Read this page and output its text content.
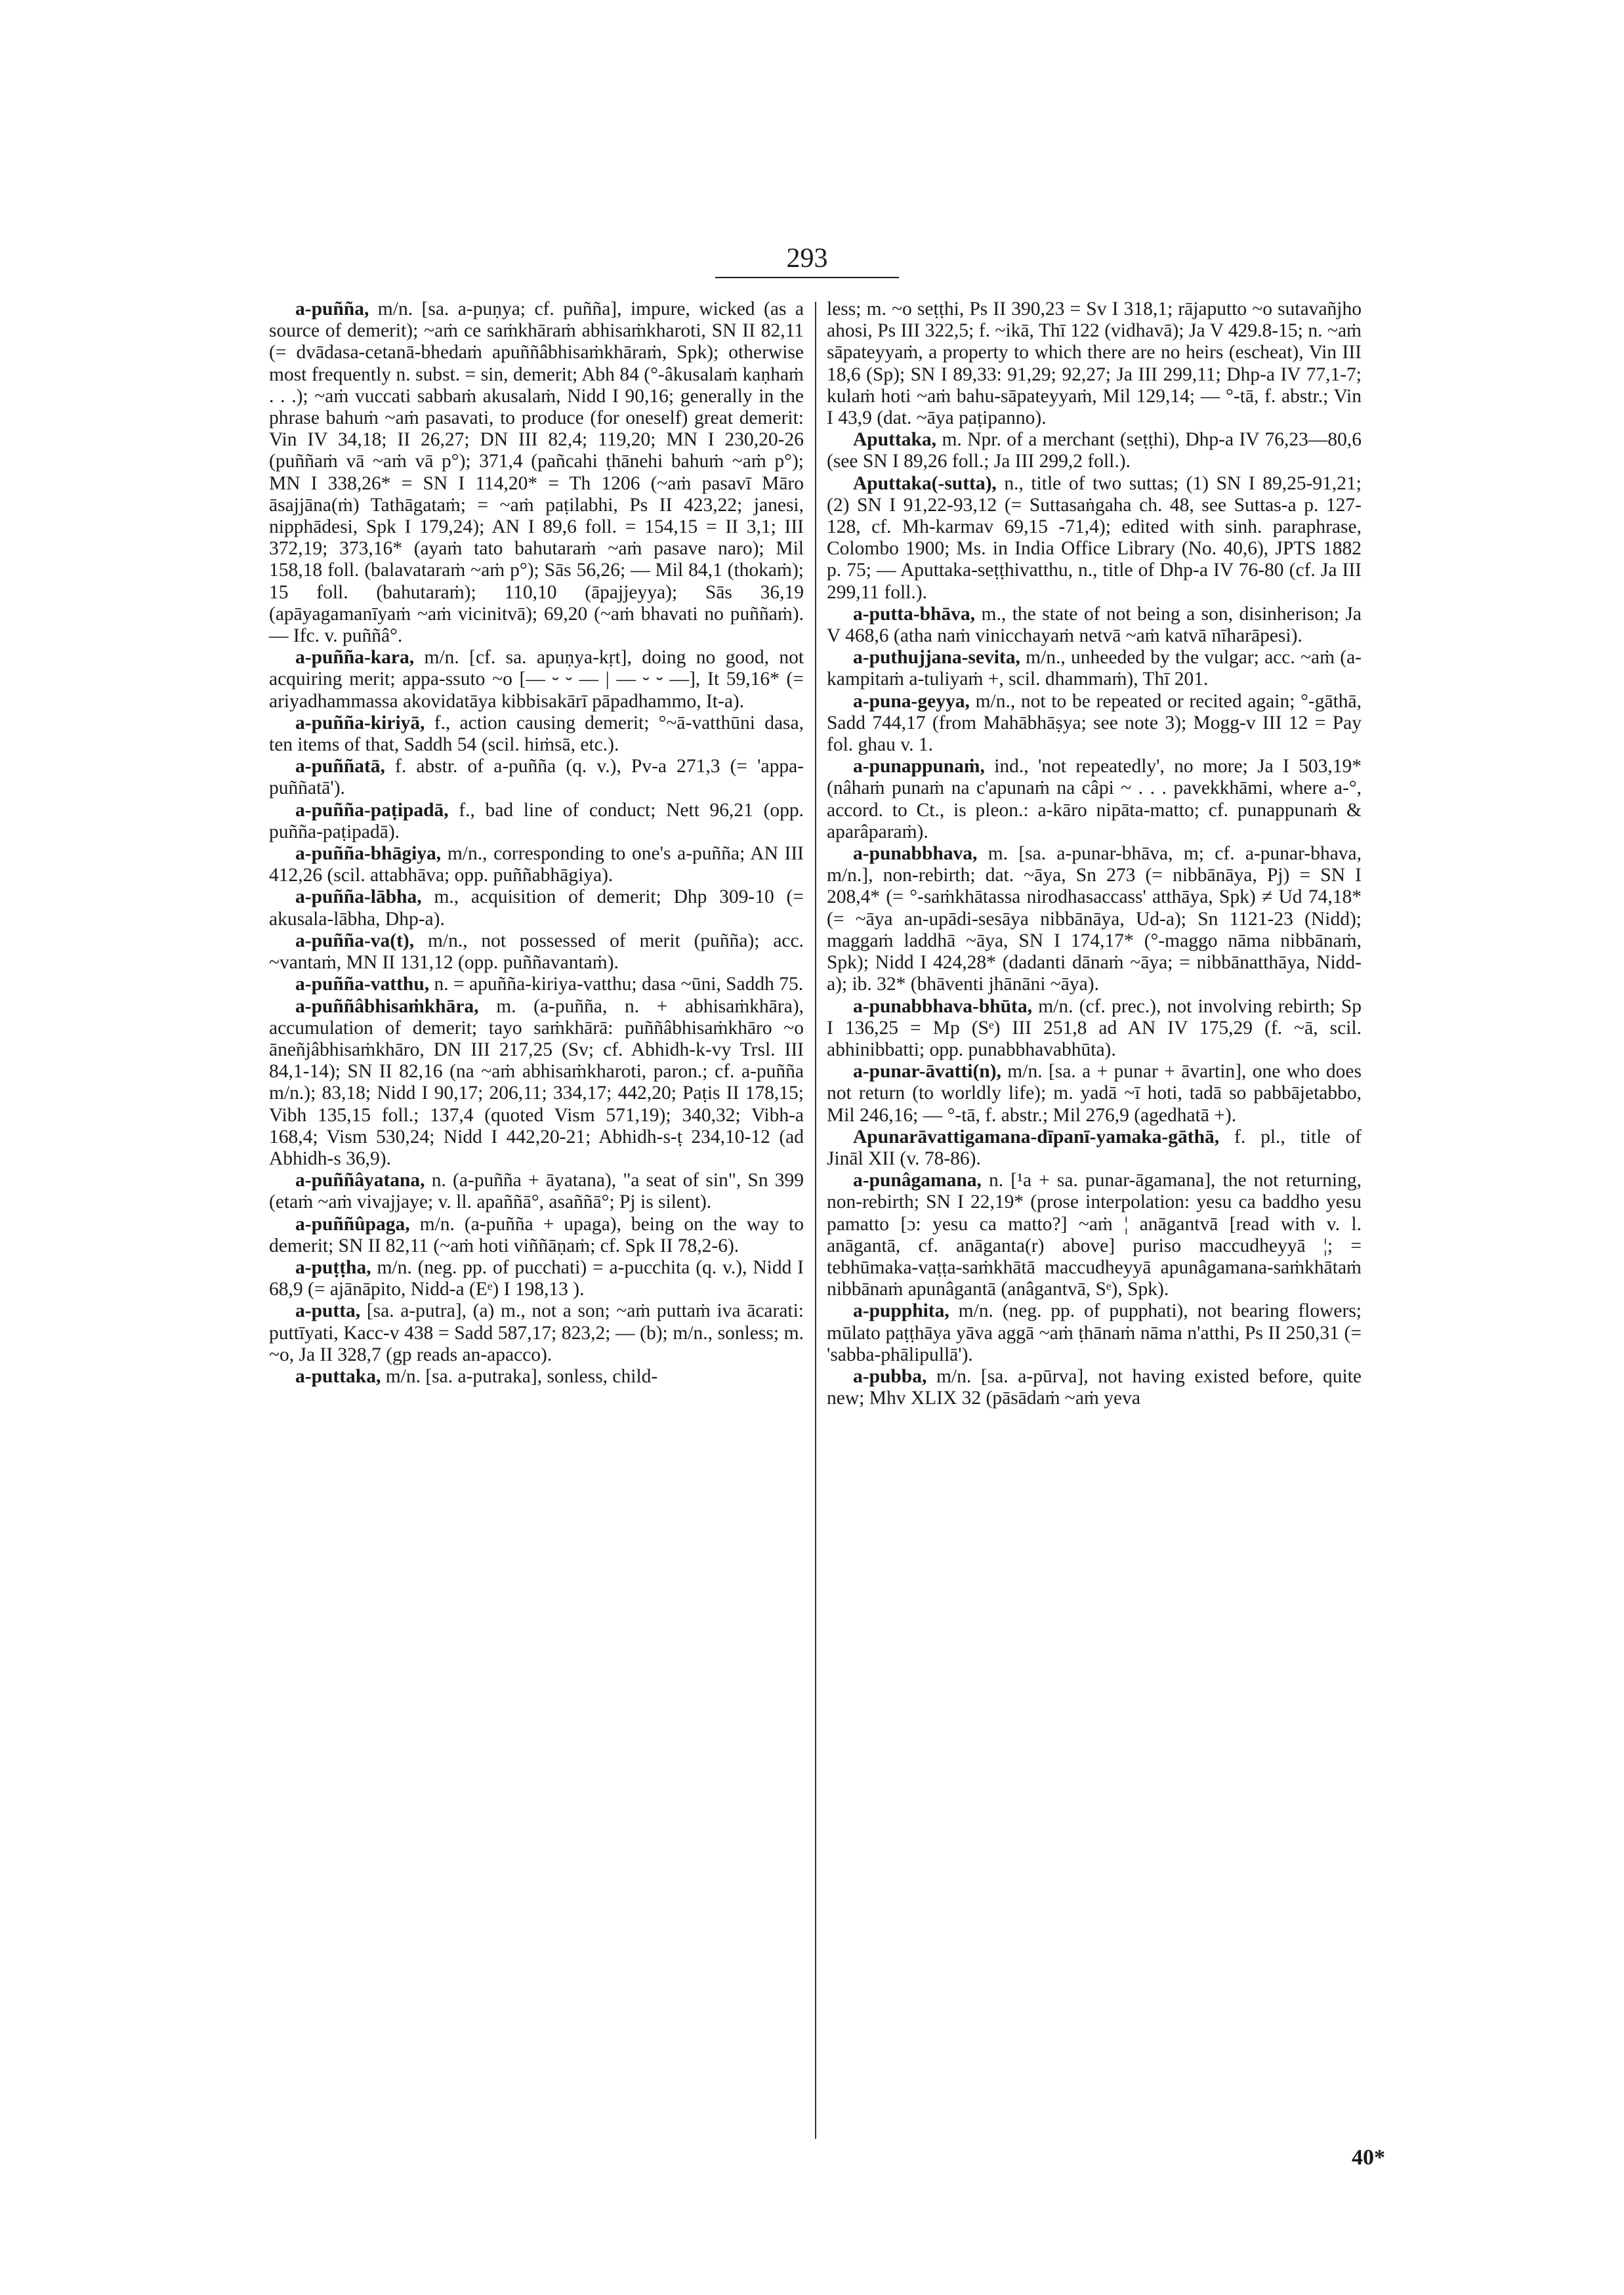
293

a-puñña, m/n. [sa. a-puṇya; cf. puñña], impure, wicked (as a source of demerit); ~aṁ ce saṁkhāraṁ abhisaṁkharoti, SN II 82,11 (= dvādasa-cetanā-bhedaṁ apuññâbhisaṁkhāraṁ, Spk); otherwise most frequently n. subst. = sin, demerit; Abh 84 (°-âkusalaṁ kaṇhaṁ . . .); ~aṁ vuccati sabbaṁ akusalaṁ, Nidd I 90,16; generally in the phrase bahuṁ ~aṁ pasavati, to produce (for oneself) great demerit: Vin IV 34,18; II 26,27; DN III 82,4; 119,20; MN I 230,20-26 (puññaṁ vā ~aṁ vā p°); 371,4 (pañcahi ṭhānehi bahuṁ ~aṁ p°); MN I 338,26* = SN I 114,20* = Th 1206 (~aṁ pasavī Māro āsajjāna(ṁ) Tathāgataṁ; = ~aṁ paṭilabhi, Ps II 423,22; janesi, nipphādesi, Spk I 179,24); AN I 89,6 foll. = 154,15 = II 3,1; III 372,19; 373,16* (ayaṁ tato bahutaraṁ ~aṁ pasave naro); Mil 158,18 foll. (balavataraṁ ~aṁ p°); Sās 56,26; — Mil 84,1 (thokaṁ); 15 foll. (bahutaraṁ); 110,10 (āpajjeyya); Sās 36,19 (apāyagamanīyaṁ ~aṁ vicinitvā); 69,20 (~aṁ bhavati no puññaṁ). — Ifc. v. puññâ°.

a-puñña-kara, m/n. [cf. sa. apuṇya-kṛt], doing no good, not acquiring merit; appa-ssuto ~o [— ⏑ ⏑ — | — ⏑ ⏑ —], It 59,16* (= ariyadhammassa akovidatāya kibbisakārī pāpadhammo, It-a).

a-puñña-kiriyā, f., action causing demerit; °~ā-vatthūni dasa, ten items of that, Saddh 54 (scil. hiṁsā, etc.).

a-puññatā, f. abstr. of a-puñña (q. v.), Pv-a 271,3 (= 'appa-puññatā').

a-puñña-paṭipadā, f., bad line of conduct; Nett 96,21 (opp. puñña-paṭipadā).

a-puñña-bhāgiya, m/n., corresponding to one's a-puñña; AN III 412,26 (scil. attabhāva; opp. puññabhāgiya).

a-puñña-lābha, m., acquisition of demerit; Dhp 309-10 (= akusala-lābha, Dhp-a).

a-puñña-va(t), m/n., not possessed of merit (puñña); acc. ~vantaṁ, MN II 131,12 (opp. puññavantaṁ).

a-puñña-vatthu, n. = apuñña-kiriya-vatthu; dasa ~ūni, Saddh 75.

a-puññâbhisaṁkhāra, m. (a-puñña, n. + abhisaṁkhāra), accumulation of demerit; tayo saṁkhārā: puññâbhisaṁkhāro ~o āneñjâbhisaṁkhāro, DN III 217,25 (Sv; cf. Abhidh-k-vy Trsl. III 84,1-14); SN II 82,16 (na ~aṁ abhisaṁkharoti, paron.; cf. a-puñña m/n.); 83,18; Nidd I 90,17; 206,11; 334,17; 442,20; Paṭis II 178,15; Vibh 135,15 foll.; 137,4 (quoted Vism 571,19); 340,32; Vibh-a 168,4; Vism 530,24; Nidd I 442,20-21; Abhidh-s-ṭ 234,10-12 (ad Abhidh-s 36,9).

a-puññâyatana, n. (a-puñña + āyatana), "a seat of sin", Sn 399 (etaṁ ~aṁ vivajjaye; v. ll. apaññā°, asaññā°; Pj is silent).

a-puññûpaga, m/n. (a-puñña + upaga), being on the way to demerit; SN II 82,11 (~aṁ hoti viññāṇaṁ; cf. Spk II 78,2-6).

a-puṭṭha, m/n. (neg. pp. of pucchati) = a-pucchita (q. v.), Nidd I 68,9 (= ajānāpito, Nidd-a (Eᵉ) I 198,13 ).

a-putta, [sa. a-putra], (a) m., not a son; ~aṁ puttaṁ iva ācarati: puttīyati, Kacc-v 438 = Sadd 587,17; 823,2; — (b); m/n., sonless; m. ~o, Ja II 328,7 (gp reads an-apacco).

a-puttaka, m/n. [sa. a-putraka], sonless, child-

less; m. ~o seṭṭhi, Ps II 390,23 = Sv I 318,1; rājaputto ~o sutavañjho ahosi, Ps III 322,5; f. ~ikā, Thī 122 (vidhavā); Ja V 429.8-15; n. ~aṁ sāpateyyaṁ, a property to which there are no heirs (escheat), Vin III 18,6 (Sp); SN I 89,33: 91,29; 92,27; Ja III 299,11; Dhp-a IV 77,1-7; kulaṁ hoti ~aṁ bahu-sāpateyyaṁ, Mil 129,14; — °-tā, f. abstr.; Vin I 43,9 (dat. ~āya paṭipanno).

Aputtaka, m. Npr. of a merchant (seṭṭhi), Dhp-a IV 76,23—80,6 (see SN I 89,26 foll.; Ja III 299,2 foll.).

Aputtaka(-sutta), n., title of two suttas; (1) SN I 89,25-91,21; (2) SN I 91,22-93,12 (= Suttasaṅgaha ch. 48, see Suttas-a p. 127-128, cf. Mh-karmav 69,15 -71,4); edited with sinh. paraphrase, Colombo 1900; Ms. in India Office Library (No. 40,6), JPTS 1882 p. 75; — Aputtaka-seṭṭhivatthu, n., title of Dhp-a IV 76-80 (cf. Ja III 299,11 foll.).

a-putta-bhāva, m., the state of not being a son, disinherison; Ja V 468,6 (atha naṁ vinicchayaṁ netvā ~aṁ katvā nīharāpesi).

a-puthujjana-sevita, m/n., unheeded by the vulgar; acc. ~aṁ (a-kampitaṁ a-tuliyaṁ +, scil. dhammaṁ), Thī 201.

a-puna-geyya, m/n., not to be repeated or recited again; °-gāthā, Sadd 744,17 (from Mahābhāṣya; see note 3); Mogg-v III 12 = Pay fol. ghau v. 1.

a-punappunaṁ, ind., 'not repeatedly', no more; Ja I 503,19* (nâhaṁ punaṁ na c'apunaṁ na câpi ~ . . . pavekkhāmi, where a-°, accord. to Ct., is pleon.: a-kāro nipāta-matto; cf. punappunaṁ & aparâparaṁ).

a-punabbhava, m. [sa. a-punar-bhāva, m; cf. a-punar-bhava, m/n.], non-rebirth; dat. ~āya, Sn 273 (= nibbānāya, Pj) = SN I 208,4* (= °-saṁkhātassa nirodhasaccass' atthāya, Spk) ≠ Ud 74,18* (= ~āya an-upādi-sesāya nibbānāya, Ud-a); Sn 1121-23 (Nidd); maggaṁ laddhā ~āya, SN I 174,17* (°-maggo nāma nibbānaṁ, Spk); Nidd I 424,28* (dadanti dānaṁ ~āya; = nibbānatthāya, Nidd-a); ib. 32* (bhāventi jhānāni ~āya).

a-punabbhava-bhūta, m/n. (cf. prec.), not involving rebirth; Sp I 136,25 = Mp (Sᵉ) III 251,8 ad AN IV 175,29 (f. ~ā, scil. abhinibbatti; opp. punabbhavabhūta).

a-punar-āvatti(n), m/n. [sa. a + punar + āvartin], one who does not return (to worldly life); m. yadā ~ī hoti, tadā so pabbājetabbo, Mil 246,16; — °-tā, f. abstr.; Mil 276,9 (agedhatā +).

Apunarāvattigamana-dīpanī-yamaka-gāthā, f. pl., title of Jināl XII (v. 78-86).

a-punâgamana, n. [¹a + sa. punar-āgamana], the not returning, non-rebirth; SN I 22,19* (prose interpolation: yesu ca baddho yesu pamatto [ɔ: yesu ca matto?] ~aṁ ¦ anāgantvā [read with v. l. anāgantā, cf. anāganta(r) above] puriso maccudheyyā ¦; = tebhūmaka-vaṭṭa-saṁkhātā maccudheyyā apunâgamana-saṁkhātaṁ nibbānaṁ apunâgantā (anâgantvā, Sᵉ), Spk).

a-pupphita, m/n. (neg. pp. of pupphati), not bearing flowers; mūlato paṭṭhāya yāva aggā ~aṁ ṭhānaṁ nāma n'atthi, Ps II 250,31 (= 'sabba-phālipullā').

a-pubba, m/n. [sa. a-pūrva], not having existed before, quite new; Mhv XLIX 32 (pāsādaṁ ~aṁ yeva

40*
